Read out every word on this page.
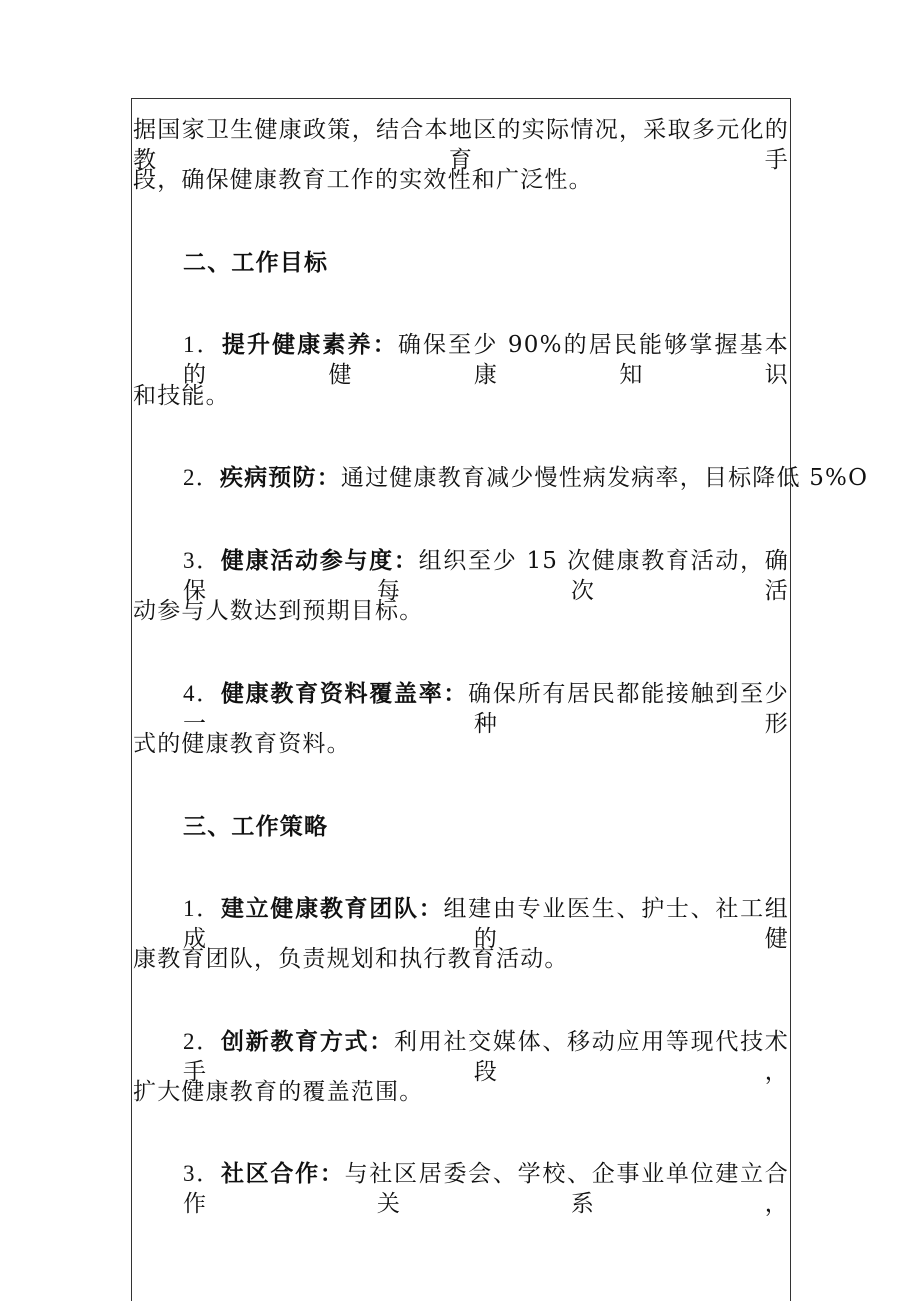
据国家卫生健康政策，结合本地区的实际情况，采取多元化的教育手
段，确保健康教育工作的实效性和广泛性。
二、工作目标
1．提升健康素养：确保至少 90%的居民能够掌握基本的健康知识
和技能。
2．疾病预防：通过健康教育减少慢性病发病率，目标降低 5%O
3．健康活动参与度：组织至少 15 次健康教育活动，确保每次活
动参与人数达到预期目标。
4．健康教育资料覆盖率：确保所有居民都能接触到至少一种形
式的健康教育资料。
三、工作策略
1．建立健康教育团队：组建由专业医生、护士、社工组成的健
康教育团队，负责规划和执行教育活动。
2．创新教育方式：利用社交媒体、移动应用等现代技术手段，
扩大健康教育的覆盖范围。
3．社区合作：与社区居委会、学校、企事业单位建立合作关系，
